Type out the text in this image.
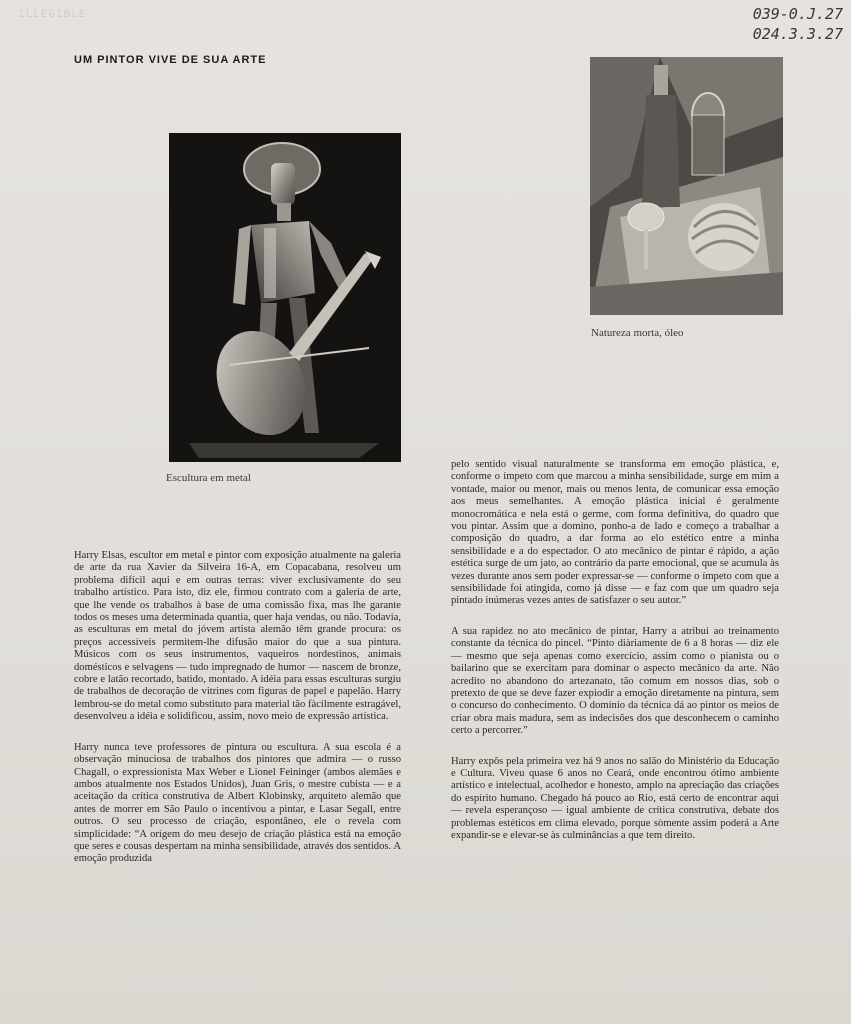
ILLEGIBLE	039-0.J.27
024.3.3.27
UM PINTOR VIVE DE SUA ARTE
Escultura em metal
Natureza morta, óleo

Harry Elsas, escultor em metal e pintor com exposição atualmente na galeria de arte da rua Xavier da Silveira 16-A, em Copacabana, resolveu um problema difícil aqui e em outras terras: viver exclusivamente do seu trabalho artístico. Para isto, diz ele, firmou contrato com a galeria de arte, que lhe vende os trabalhos à base de uma comissão fixa, mas lhe garante todos os meses uma determinada quantia, quer haja vendas, ou não. Todavia, as esculturas em metal do jóvem artista alemão têm grande procura: os preços accessíveis permitem-lhe difusão maior do que a sua pintura. Músicos com os seus instrumentos, vaqueiros nordestinos, animais domésticos e selvagens — tudo impregnado de humor — nascem de bronze, cobre e latão recortado, batido, montado. A idéia para essas esculturas surgiu de trabalhos de decoração de vitrines com figuras de papel e papelão. Harry lembrou-se do metal como substituto para material tão fàcilmente estragável, desenvolveu a idéia e solidificou, assim, novo meio de expressão artística.

Harry nunca teve professores de pintura ou escultura. A sua escola é a observação minuciosa de trabalhos dos pintores que admira — o russo Chagall, o expressionista Max Weber e Lionel Feininger (ambos alemães e ambos atualmente nos Estados Unidos), Juan Gris, o mestre cubista — e a aceitação da crítica construtiva de Albert Klobinsky, arquiteto alemão que antes de morrer em São Paulo o incentivou a pintar, e Lasar Segall, entre outros. O seu processo de criação, espontâneo, ele o revela com simplicidade: “A origem do meu desejo de criação plástica está na emoção que seres e cousas despertam na minha sensibilidade, através dos sentidos. A emoção produzida

pelo sentido visual naturalmente se transforma em emoção plástica, e, conforme o ímpeto com que marcou a minha sensibilidade, surge em mim a vontade, maior ou menor, mais ou menos lenta, de comunicar essa emoção aos meus semelhantes. A emoção plástica inicial é geralmente monocromática e nela está o germe, com forma definitiva, do quadro que vou pintar. Assim que a domino, ponho-a de lado e começo a trabalhar a composição do quadro, a dar forma ao elo estético entre a minha sensibilidade e a do espectador. O ato mecânico de pintar é rápido, a ação estética surge de um jato, ao contrário da parte emocional, que se acumula às vezes durante anos sem poder expressar-se — conforme o ímpeto com que a sensibilidade foi atingida, como já disse — e faz com que um quadro seja pintado inúmeras vezes antes de satisfazer o seu autor.”

A sua rapidez no ato mecânico de pintar, Harry a atribui ao treinamento constante da técnica do pincel. “Pinto diàriamente de 6 a 8 horas — diz ele — mesmo que seja apenas como exercício, assim como o pianista ou o bailarino que se exercitam para dominar o aspecto mecânico da arte. Não acredito no abandono do artezanato, tão comum em nossos dias, sob o pretexto de que se deve fazer expiodir a emoção diretamente na pintura, sem o concurso do conhecimento. O domínio da técnica dá ao pintor os meios de criar obra mais madura, sem as indecisões dos que desconhecem o caminho certo a percorrer.”

Harry expôs pela primeira vez há 9 anos no salão do Ministério da Educação e Cultura. Viveu quase 6 anos no Ceará, onde encontrou ótimo ambiente artístico e intelectual, acolhedor e honesto, amplo na apreciação das criações do espírito humano. Chegado há pouco ao Rio, está certo de encontrar aqui — revela esperançoso — igual ambiente de crítica construtiva, debate dos problemas estéticos em clima elevado, porque sòmente assim poderá a Arte expandir-se e elevar-se às culminâncias a que tem direito.
